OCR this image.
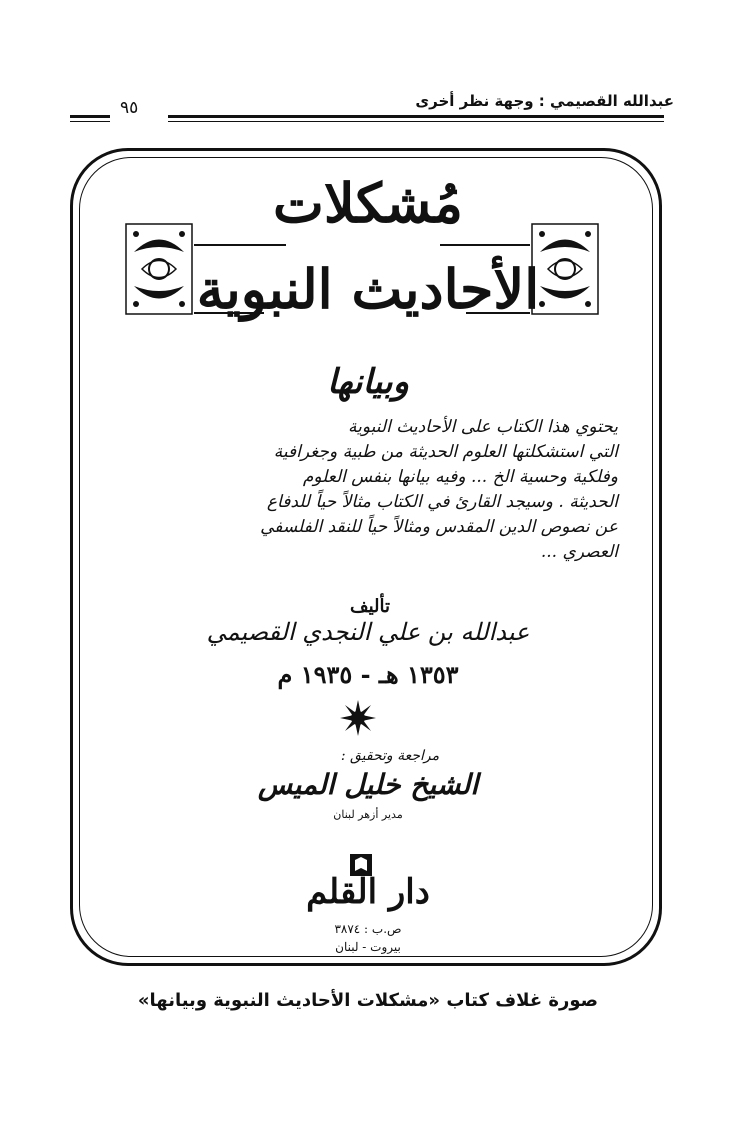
عبدالله القصيمي : وجهة نظر أخرى
٩٥
مُشكلات
الأحاديث النبوية
وبيانها
يحتوي هذا الكتاب على الأحاديث النبوية
التي استشكلتها العلوم الحديثة من طبية وجغرافية
وفلكية وحسية الخ ... وفيه بيانها بنفس العلوم
الحديثة . وسيجد القارئ في الكتاب مثالاً حياً للدفاع
عن نصوص الدين المقدس ومثالاً حياً للنقد الفلسفي
العصري ...
تأليف
عبدالله بن علي النجدي القصيمي
١٣٥٣ هـ - ١٩٣٥ م
مراجعة وتحقيق :
الشيخ خليل الميس
مدير أزهر لبنان
دار القلم
ص.ب : ٣٨٧٤
بيروت - لبنان
صورة غلاف كتاب «مشكلات الأحاديث النبوية وبيانها»
